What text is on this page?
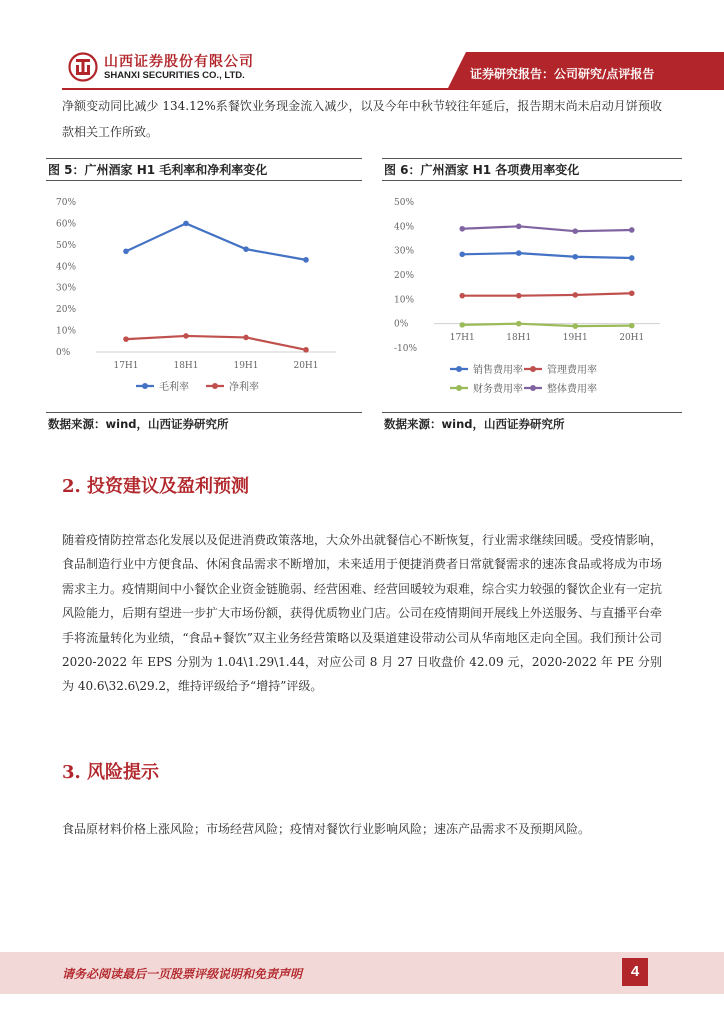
山西证券股份有限公司
SHANXI SECURITIES CO., LTD.	证券研究报告：公司研究/点评报告
净额变动同比减少 134.12%系餐饮业务现金流入减少，以及今年中秋节较往年延后，报告期末尚未启动月饼预收款相关工作所致。
图 5：广州酒家 H1 毛利率和净利率变化
0%
10%
20%
30%
40%
50%
60%
70%
17H1	18H1	19H1	20H1
毛利率	净利率
数据来源：wind，山西证券研究所
图 6：广州酒家 H1 各项费用率变化
-10%
0%
10%
20%
30%
40%
50%
17H1	18H1	19H1	20H1
销售费用率 管理费用率
财务费用率 整体费用率
数据来源：wind，山西证券研究所
2. 投资建议及盈利预测
随着疫情防控常态化发展以及促进消费政策落地，大众外出就餐信心不断恢复，行业需求继续回暖。受疫情影响，食品制造行业中方便食品、休闲食品需求不断增加，未来适用于便捷消费者日常就餐需求的速冻食品或将成为市场需求主力。疫情期间中小餐饮企业资金链脆弱、经营困难、经营回暖较为艰难，综合实力较强的餐饮企业有一定抗风险能力，后期有望进一步扩大市场份额，获得优质物业门店。公司在疫情期间开展线上外送服务、与直播平台牵手将流量转化为业绩，“食品+餐饮”双主业务经营策略以及渠道建设带动公司从华南地区走向全国。我们预计公司 2020-2022 年 EPS 分别为 1.04\1.29\1.44，对应公司 8 月 27 日收盘价 42.09 元，2020-2022 年 PE 分别为 40.6\32.6\29.2，维持评级给予“增持”评级。
3. 风险提示
食品原材料价格上涨风险；市场经营风险；疫情对餐饮行业影响风险；速冻产品需求不及预期风险。
请务必阅读最后一页股票评级说明和免责声明	4
